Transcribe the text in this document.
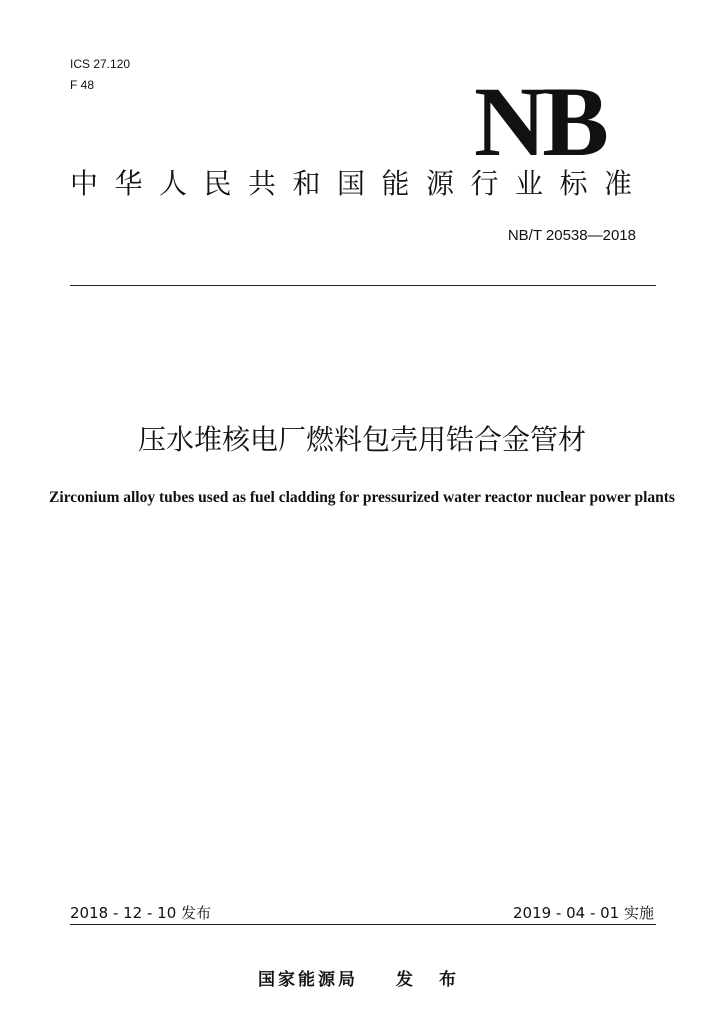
ICS 27.120
F 48	NB
中华人民共和国能源行业标准
NB/T 20538—2018
压水堆核电厂燃料包壳用锆合金管材
Zirconium alloy tubes used as fuel cladding for pressurized water reactor nuclear power plants
2018 - 12 - 10 发布	2019 - 04 - 01 实施
国家能源局 发 布
